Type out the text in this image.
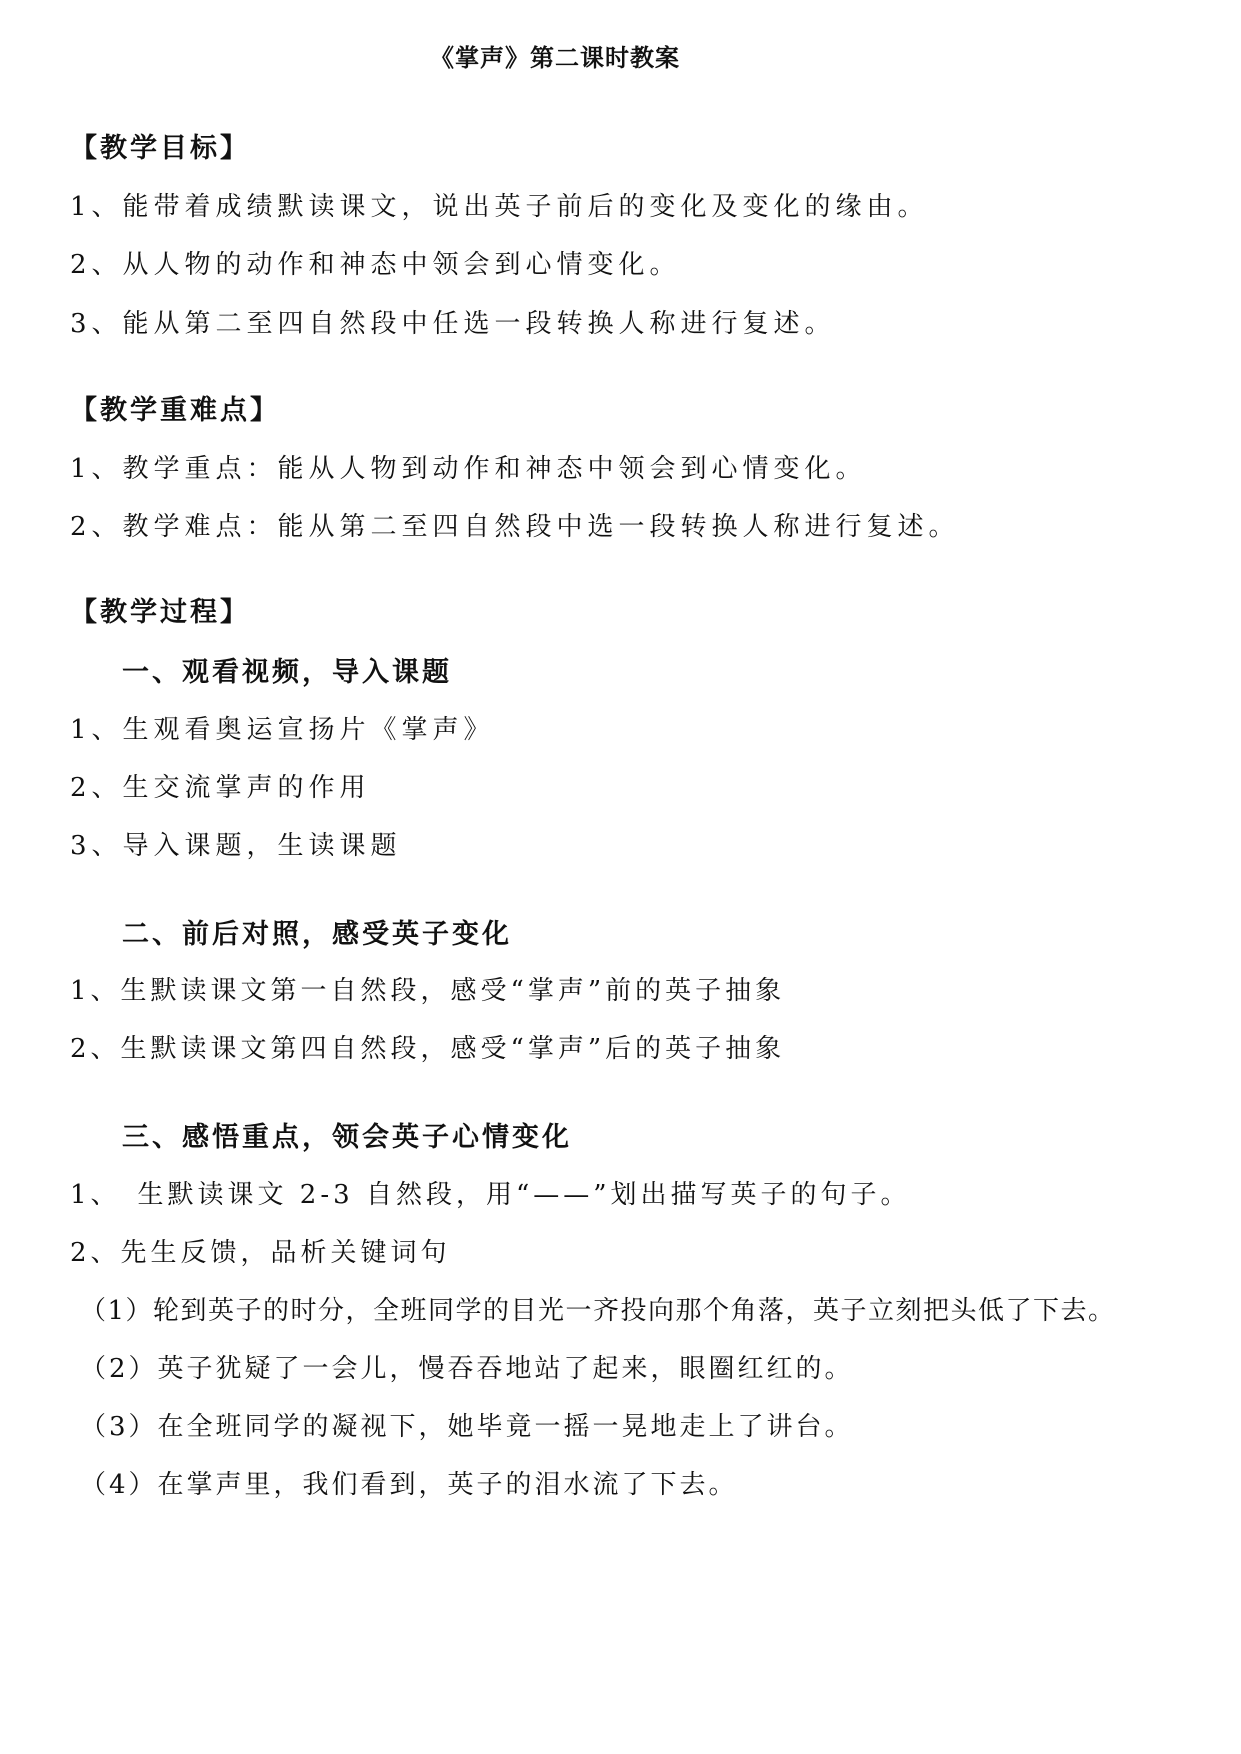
《掌声》第二课时教案
【教学目标】
1、能带着成绩默读课文，说出英子前后的变化及变化的缘由。
2、从人物的动作和神态中领会到心情变化。
3、能从第二至四自然段中任选一段转换人称进行复述。
【教学重难点】
1、教学重点：能从人物到动作和神态中领会到心情变化。
2、教学难点：能从第二至四自然段中选一段转换人称进行复述。
【教学过程】
一、观看视频，导入课题
1、生观看奥运宣扬片《掌声》
2、生交流掌声的作用
3、导入课题，生读课题
二、前后对照，感受英子变化
1、生默读课文第一自然段，感受“掌声”前的英子抽象
2、生默读课文第四自然段，感受“掌声”后的英子抽象
三、感悟重点，领会英子心情变化
1、　生默读课文 2-3 自然段，用“——”划出描写英子的句子。
2、先生反馈，品析关键词句
（1）轮到英子的时分，全班同学的目光一齐投向那个角落，英子立刻把头低了下去。
（2）英子犹疑了一会儿，慢吞吞地站了起来，眼圈红红的。
（3）在全班同学的凝视下，她毕竟一摇一晃地走上了讲台。
（4）在掌声里，我们看到，英子的泪水流了下去。
